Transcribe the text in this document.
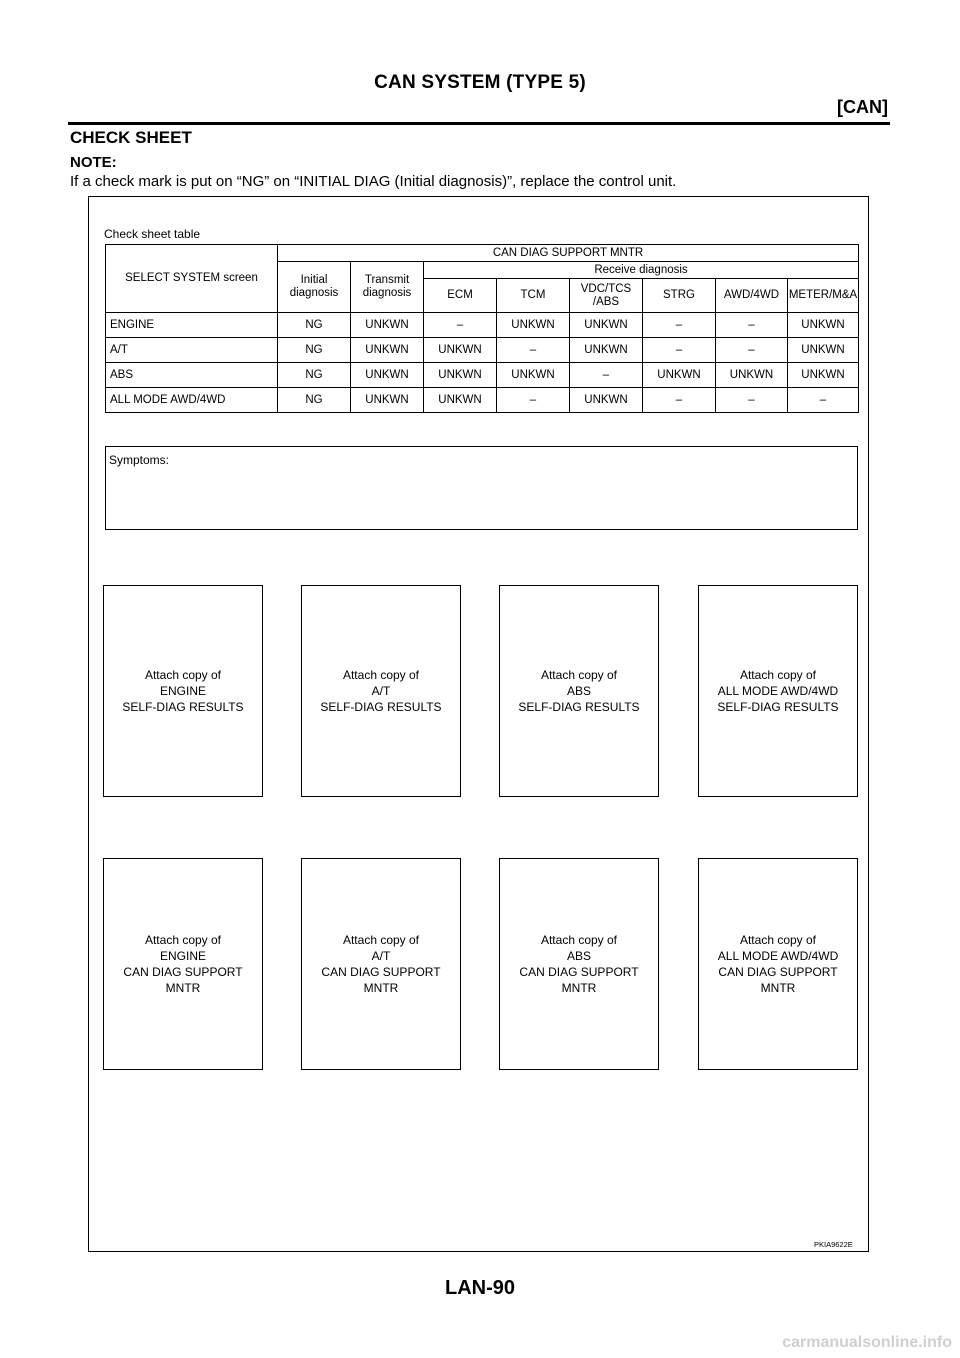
CAN SYSTEM (TYPE 5)
[CAN]
CHECK SHEET
NOTE:
If a check mark is put on “NG” on “INITIAL DIAG (Initial diagnosis)”, replace the control unit.
Check sheet table
SELECT SYSTEM screen	CAN DIAG SUPPORT MNTR							
	Initial diagnosis	Transmit diagnosis	Receive diagnosis					
			ECM	TCM	VDC/TCS /ABS	STRG	AWD/4WD	METER/M&A
ENGINE	NG	UNKWN	–	UNKWN	UNKWN	–	–	UNKWN
A/T	NG	UNKWN	UNKWN	–	UNKWN	–	–	UNKWN
ABS	NG	UNKWN	UNKWN	UNKWN	–	UNKWN	UNKWN	UNKWN
ALL MODE AWD/4WD	NG	UNKWN	UNKWN	–	UNKWN	–	–	–
Symptoms:
Attach copy of
ENGINE
SELF-DIAG RESULTS
Attach copy of
A/T
SELF-DIAG RESULTS
Attach copy of
ABS
SELF-DIAG RESULTS
Attach copy of
ALL MODE AWD/4WD
SELF-DIAG RESULTS
Attach copy of
ENGINE
CAN DIAG SUPPORT
MNTR
Attach copy of
A/T
CAN DIAG SUPPORT
MNTR
Attach copy of
ABS
CAN DIAG SUPPORT
MNTR
Attach copy of
ALL MODE AWD/4WD
CAN DIAG SUPPORT
MNTR
PKIA9622E
LAN-90
carmanualsonline.info
